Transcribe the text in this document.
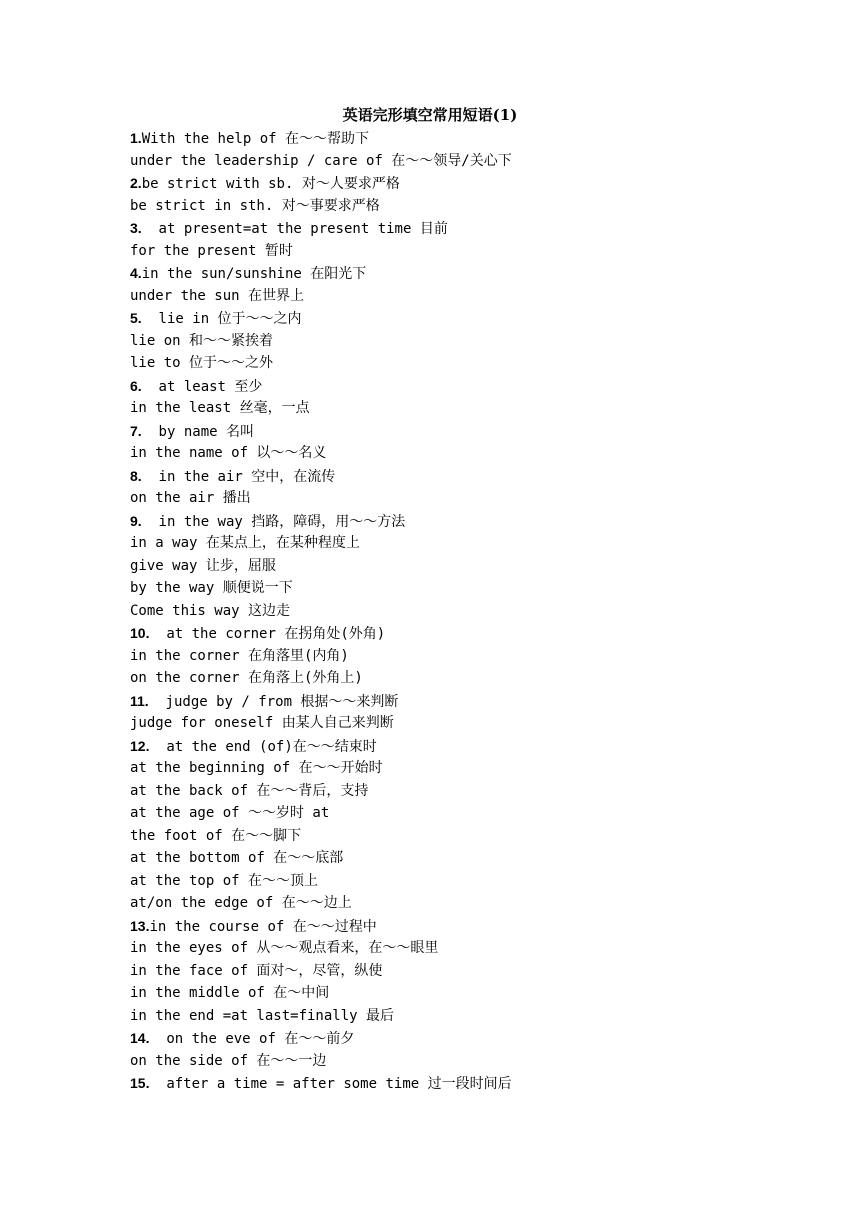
英语完形填空常用短语(1)
1.With the help of 在～～帮助下
under the leadership / care of 在～～领导/关心下
2.be strict with sb. 对～人要求严格
be strict in sth. 对～事要求严格
3.  at present=at the present time 目前
for the present 暂时
4.in the sun/sunshine 在阳光下
under the sun 在世界上
5.  lie in 位于～～之内
lie on 和～～紧挨着
lie to 位于～～之外
6.  at least 至少
in the least 丝毫，一点
7.  by name 名叫
in the name of 以～～名义
8.  in the air 空中，在流传
on the air 播出
9.  in the way 挡路，障碍，用～～方法
in a way 在某点上，在某种程度上
give way 让步，屈服
by the way 顺便说一下
Come this way 这边走
10.  at the corner 在拐角处(外角)
in the corner 在角落里(内角)
on the corner 在角落上(外角上)
11.  judge by / from 根据～～来判断
judge for oneself 由某人自己来判断
12.  at the end (of)在～～结束时
at the beginning of 在～～开始时
at the back of 在～～背后，支持
at the age of ～～岁时 at
the foot of 在～～脚下
at the bottom of 在～～底部
at the top of 在～～顶上
at/on the edge of 在～～边上
13.in the course of 在～～过程中
in the eyes of 从～～观点看来，在～～眼里
in the face of 面对～，尽管，纵使
in the middle of 在～中间
in the end =at last=finally 最后
14.  on the eve of 在～～前夕
on the side of 在～～一边
15.  after a time = after some time 过一段时间后
